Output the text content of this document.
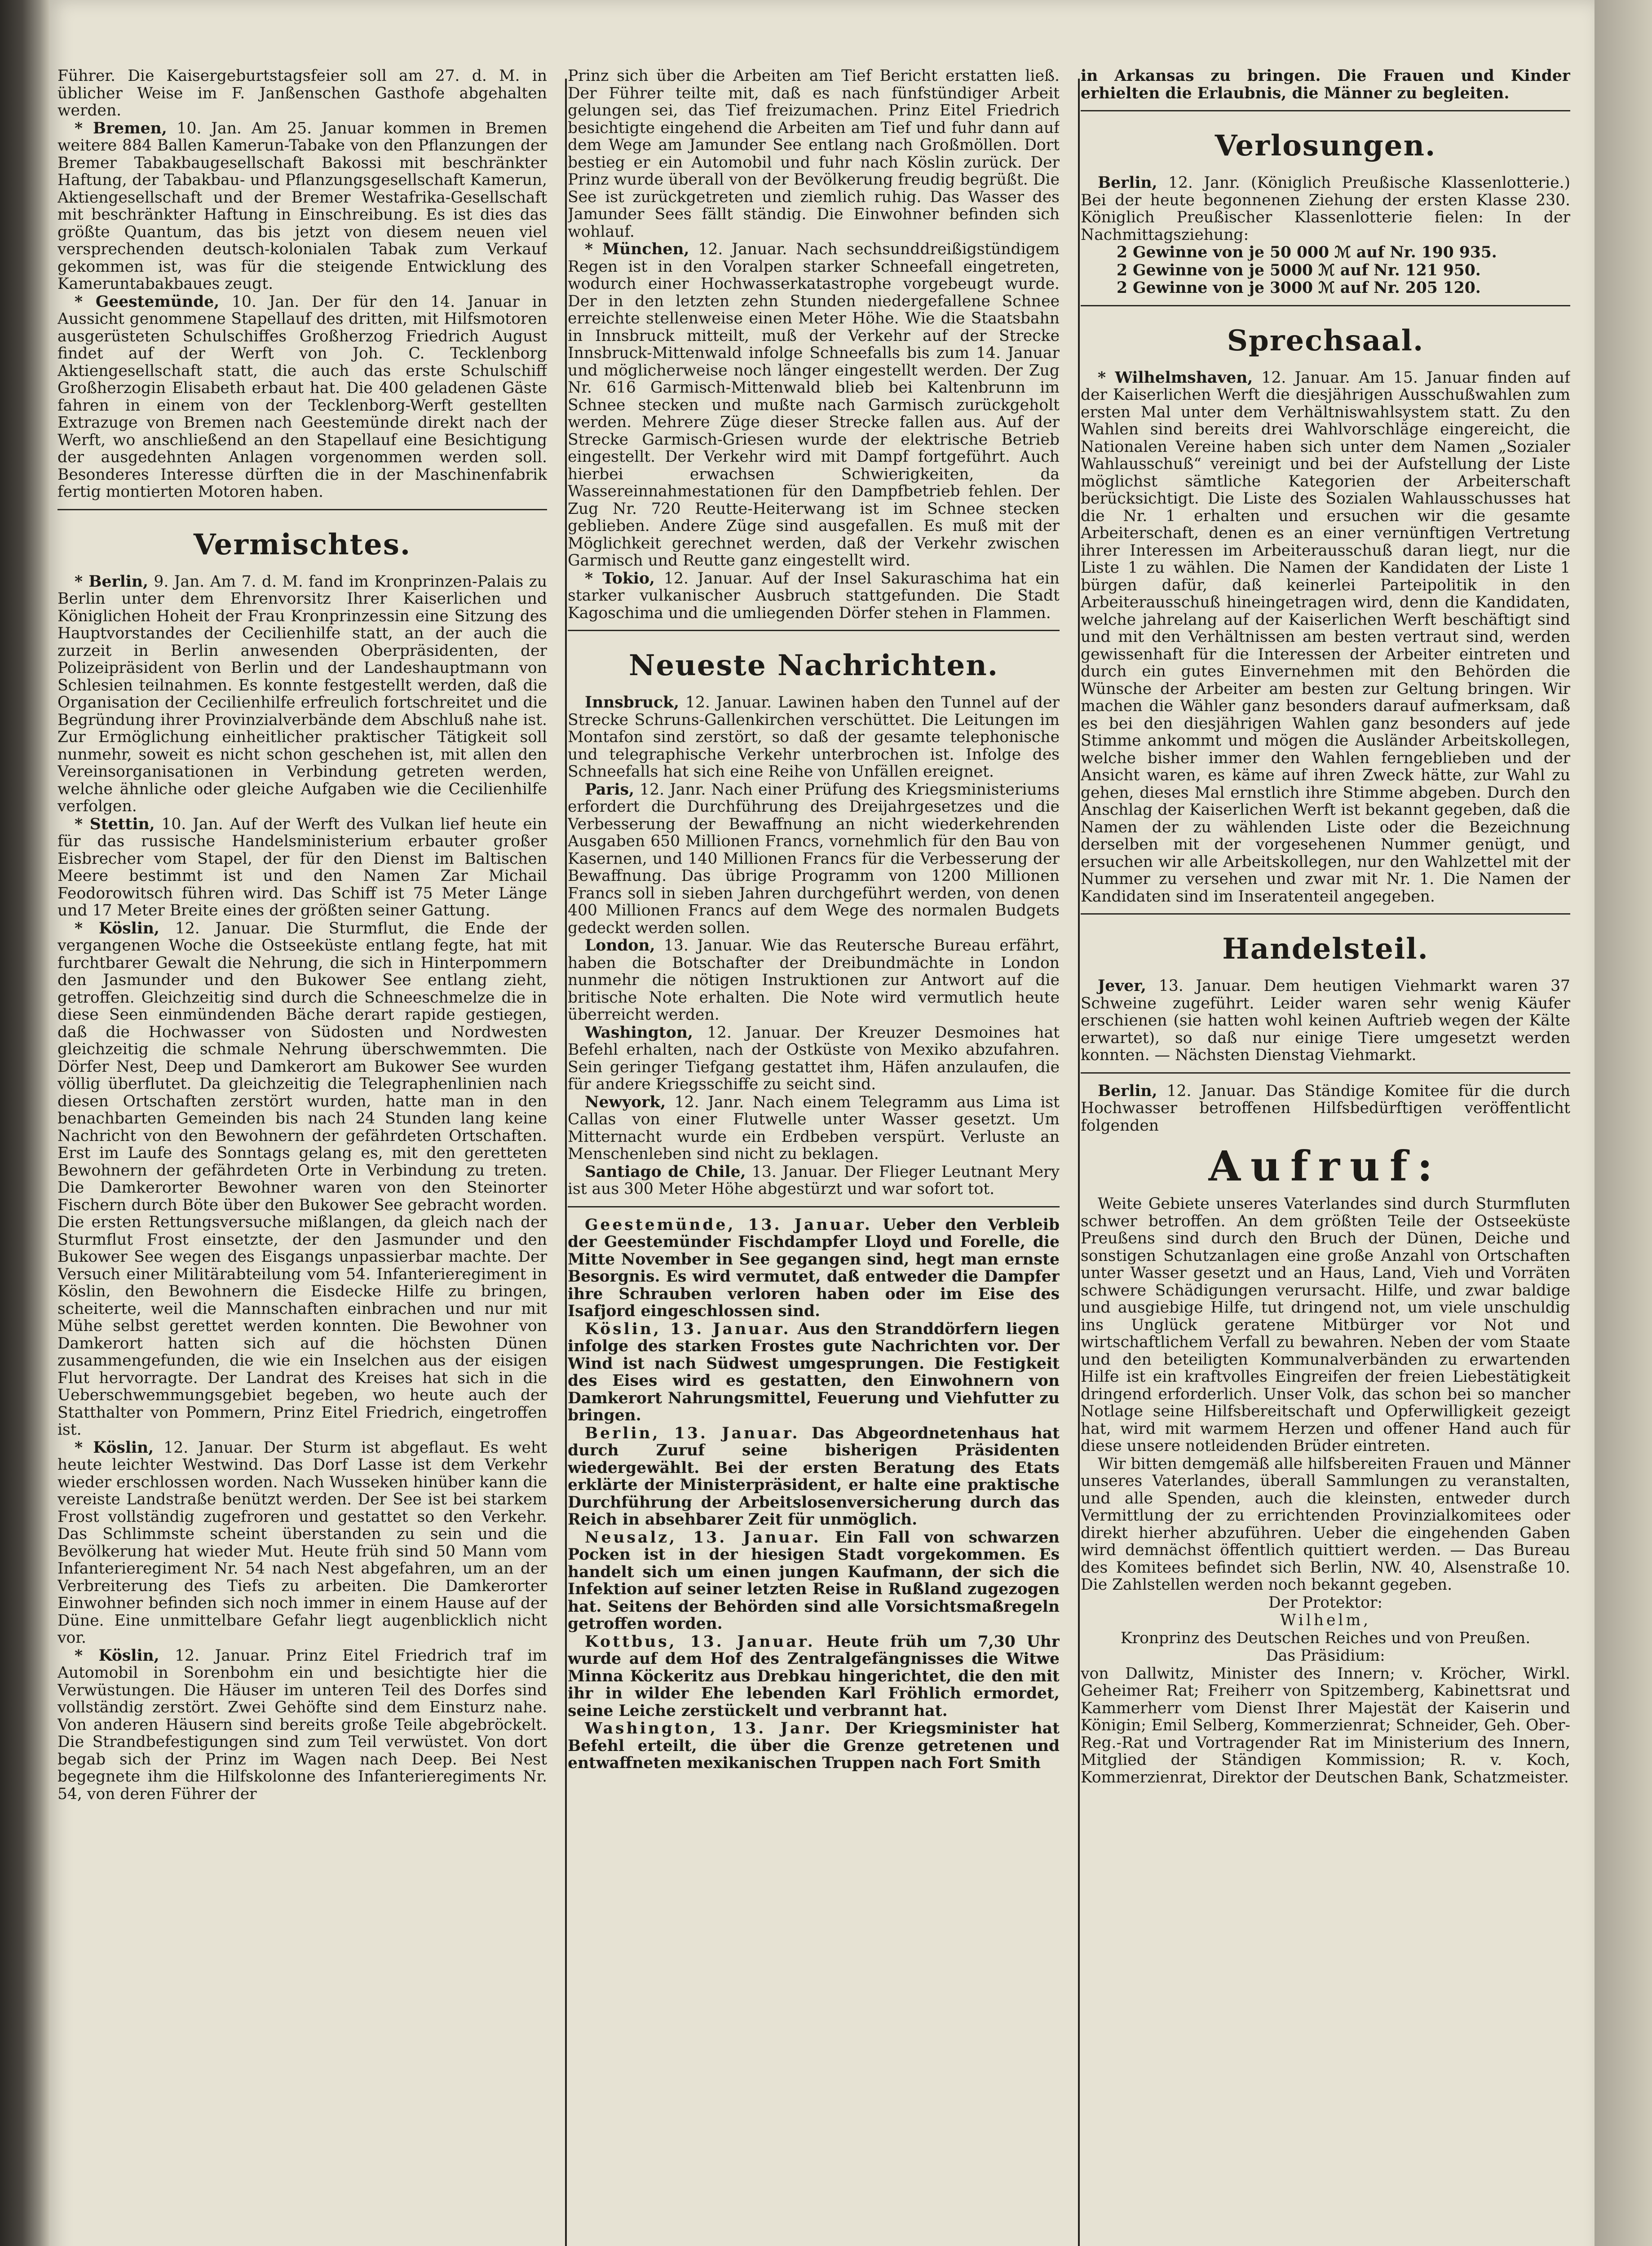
Führer. Die Kaisergeburtstagsfeier soll am 27. d. M. in üblicher Weise im F. Janßenschen Gasthofe abgehalten werden.

* Bremen, 10. Jan. Am 25. Januar kommen in Bremen weitere 884 Ballen Kamerun-Tabake von den Pflanzungen der Bremer Tabakbaugesellschaft Bakossi mit beschränkter Haftung, der Tabakbau- und Pflanzungsgesellschaft Kamerun, Aktiengesellschaft und der Bremer Westafrika-Gesellschaft mit beschränkter Haftung in Einschreibung. Es ist dies das größte Quantum, das bis jetzt von diesem neuen viel versprechenden deutsch-kolonialen Tabak zum Verkauf gekommen ist, was für die steigende Entwicklung des Kameruntabakbaues zeugt.

* Geestemünde, 10. Jan. Der für den 14. Januar in Aussicht genommene Stapellauf des dritten, mit Hilfsmotoren ausgerüsteten Schulschiffes Großherzog Friedrich August findet auf der Werft von Joh. C. Tecklenborg Aktiengesellschaft statt, die auch das erste Schulschiff Großherzogin Elisabeth erbaut hat. Die 400 geladenen Gäste fahren in einem von der Tecklenborg-Werft gestellten Extrazuge von Bremen nach Geestemünde direkt nach der Werft, wo anschließend an den Stapellauf eine Besichtigung der ausgedehnten Anlagen vorgenommen werden soll. Besonderes Interesse dürften die in der Maschinenfabrik fertig montierten Motoren haben.

Vermischtes.

* Berlin, 9. Jan. Am 7. d. M. fand im Kronprinzen-Palais zu Berlin unter dem Ehrenvorsitz Ihrer Kaiserlichen und Königlichen Hoheit der Frau Kronprinzessin eine Sitzung des Hauptvorstandes der Cecilienhilfe statt, an der auch die zurzeit in Berlin anwesenden Oberpräsidenten, der Polizeipräsident von Berlin und der Landeshauptmann von Schlesien teilnahmen. Es konnte festgestellt werden, daß die Organisation der Cecilienhilfe erfreulich fortschreitet und die Begründung ihrer Provinzialverbände dem Abschluß nahe ist. Zur Ermöglichung einheitlicher praktischer Tätigkeit soll nunmehr, soweit es nicht schon geschehen ist, mit allen den Vereinsorganisationen in Verbindung getreten werden, welche ähnliche oder gleiche Aufgaben wie die Cecilienhilfe verfolgen.

* Stettin, 10. Jan. Auf der Werft des Vulkan lief heute ein für das russische Handelsministerium erbauter großer Eisbrecher vom Stapel, der für den Dienst im Baltischen Meere bestimmt ist und den Namen Zar Michail Feodorowitsch führen wird. Das Schiff ist 75 Meter Länge und 17 Meter Breite eines der größten seiner Gattung.

* Köslin, 12. Januar. Die Sturmflut, die Ende der vergangenen Woche die Ostseeküste entlang fegte, hat mit furchtbarer Gewalt die Nehrung, die sich in Hinterpommern den Jasmunder und den Bukower See entlang zieht, getroffen. Gleichzeitig sind durch die Schneeschmelze die in diese Seen einmündenden Bäche derart rapide gestiegen, daß die Hochwasser von Südosten und Nordwesten gleichzeitig die schmale Nehrung überschwemmten. Die Dörfer Nest, Deep und Damkerort am Bukower See wurden völlig überflutet. Da gleichzeitig die Telegraphenlinien nach diesen Ortschaften zerstört wurden, hatte man in den benachbarten Gemeinden bis nach 24 Stunden lang keine Nachricht von den Bewohnern der gefährdeten Ortschaften. Erst im Laufe des Sonntags gelang es, mit den geretteten Bewohnern der gefährdeten Orte in Verbindung zu treten. Die Damkerorter Bewohner waren von den Steinorter Fischern durch Böte über den Bukower See gebracht worden. Die ersten Rettungsversuche mißlangen, da gleich nach der Sturmflut Frost einsetzte, der den Jasmunder und den Bukower See wegen des Eisgangs unpassierbar machte. Der Versuch einer Militärabteilung vom 54. Infanterieregiment in Köslin, den Bewohnern die Eisdecke Hilfe zu bringen, scheiterte, weil die Mannschaften einbrachen und nur mit Mühe selbst gerettet werden konnten. Die Bewohner von Damkerort hatten sich auf die höchsten Dünen zusammengefunden, die wie ein Inselchen aus der eisigen Flut hervorragte. Der Landrat des Kreises hat sich in die Ueberschwemmungsgebiet begeben, wo heute auch der Statthalter von Pommern, Prinz Eitel Friedrich, eingetroffen ist.

* Köslin, 12. Januar. Der Sturm ist abgeflaut. Es weht heute leichter Westwind. Das Dorf Lasse ist dem Verkehr wieder erschlossen worden. Nach Wusseken hinüber kann die vereiste Landstraße benützt werden. Der See ist bei starkem Frost vollständig zugefroren und gestattet so den Verkehr. Das Schlimmste scheint überstanden zu sein und die Bevölkerung hat wieder Mut. Heute früh sind 50 Mann vom Infanterieregiment Nr. 54 nach Nest abgefahren, um an der Verbreiterung des Tiefs zu arbeiten. Die Damkerorter Einwohner befinden sich noch immer in einem Hause auf der Düne. Eine unmittelbare Gefahr liegt augenblicklich nicht vor.

* Köslin, 12. Januar. Prinz Eitel Friedrich traf im Automobil in Sorenbohm ein und besichtigte hier die Verwüstungen. Die Häuser im unteren Teil des Dorfes sind vollständig zerstört. Zwei Gehöfte sind dem Einsturz nahe. Von anderen Häusern sind bereits große Teile abgebröckelt. Die Strandbefestigungen sind zum Teil verwüstet. Von dort begab sich der Prinz im Wagen nach Deep. Bei Nest begegnete ihm die Hilfskolonne des Infanterieregiments Nr. 54, von deren Führer der

Prinz sich über die Arbeiten am Tief Bericht erstatten ließ. Der Führer teilte mit, daß es nach fünfstündiger Arbeit gelungen sei, das Tief freizumachen. Prinz Eitel Friedrich besichtigte eingehend die Arbeiten am Tief und fuhr dann auf dem Wege am Jamunder See entlang nach Großmöllen. Dort bestieg er ein Automobil und fuhr nach Köslin zurück. Der Prinz wurde überall von der Bevölkerung freudig begrüßt. Die See ist zurückgetreten und ziemlich ruhig. Das Wasser des Jamunder Sees fällt ständig. Die Einwohner befinden sich wohlauf.

* München, 12. Januar. Nach sechsunddreißigstündigem Regen ist in den Voralpen starker Schneefall eingetreten, wodurch einer Hochwasserkatastrophe vorgebeugt wurde. Der in den letzten zehn Stunden niedergefallene Schnee erreichte stellenweise einen Meter Höhe. Wie die Staatsbahn in Innsbruck mitteilt, muß der Verkehr auf der Strecke Innsbruck-Mittenwald infolge Schneefalls bis zum 14. Januar und möglicherweise noch länger eingestellt werden. Der Zug Nr. 616 Garmisch-Mittenwald blieb bei Kaltenbrunn im Schnee stecken und mußte nach Garmisch zurückgeholt werden. Mehrere Züge dieser Strecke fallen aus. Auf der Strecke Garmisch-Griesen wurde der elektrische Betrieb eingestellt. Der Verkehr wird mit Dampf fortgeführt. Auch hierbei erwachsen Schwierigkeiten, da Wassereinnahmestationen für den Dampfbetrieb fehlen. Der Zug Nr. 720 Reutte-Heiterwang ist im Schnee stecken geblieben. Andere Züge sind ausgefallen. Es muß mit der Möglichkeit gerechnet werden, daß der Verkehr zwischen Garmisch und Reutte ganz eingestellt wird.

* Tokio, 12. Januar. Auf der Insel Sakuraschima hat ein starker vulkanischer Ausbruch stattgefunden. Die Stadt Kagoschima und die umliegenden Dörfer stehen in Flammen.

Neueste Nachrichten.

Innsbruck, 12. Januar. Lawinen haben den Tunnel auf der Strecke Schruns-Gallenkirchen verschüttet. Die Leitungen im Montafon sind zerstört, so daß der gesamte telephonische und telegraphische Verkehr unterbrochen ist. Infolge des Schneefalls hat sich eine Reihe von Unfällen ereignet.

Paris, 12. Janr. Nach einer Prüfung des Kriegsministeriums erfordert die Durchführung des Dreijahrgesetzes und die Verbesserung der Bewaffnung an nicht wiederkehrenden Ausgaben 650 Millionen Francs, vornehmlich für den Bau von Kasernen, und 140 Millionen Francs für die Verbesserung der Bewaffnung. Das übrige Programm von 1200 Millionen Francs soll in sieben Jahren durchgeführt werden, von denen 400 Millionen Francs auf dem Wege des normalen Budgets gedeckt werden sollen.

London, 13. Januar. Wie das Reutersche Bureau erfährt, haben die Botschafter der Dreibundmächte in London nunmehr die nötigen Instruktionen zur Antwort auf die britische Note erhalten. Die Note wird vermutlich heute überreicht werden.

Washington, 12. Januar. Der Kreuzer Desmoines hat Befehl erhalten, nach der Ostküste von Mexiko abzufahren. Sein geringer Tiefgang gestattet ihm, Häfen anzulaufen, die für andere Kriegsschiffe zu seicht sind.

Newyork, 12. Janr. Nach einem Telegramm aus Lima ist Callas von einer Flutwelle unter Wasser gesetzt. Um Mitternacht wurde ein Erdbeben verspürt. Verluste an Menschenleben sind nicht zu beklagen.

Santiago de Chile, 13. Januar. Der Flieger Leutnant Mery ist aus 300 Meter Höhe abgestürzt und war sofort tot.

Geestemünde, 13. Januar. Ueber den Verbleib der Geestemünder Fischdampfer Lloyd und Forelle, die Mitte November in See gegangen sind, hegt man ernste Besorgnis. Es wird vermutet, daß entweder die Dampfer ihre Schrauben verloren haben oder im Eise des Isafjord eingeschlossen sind.

Köslin, 13. Januar. Aus den Stranddörfern liegen infolge des starken Frostes gute Nachrichten vor. Der Wind ist nach Südwest umgesprungen. Die Festigkeit des Eises wird es gestatten, den Einwohnern von Damkerort Nahrungsmittel, Feuerung und Viehfutter zu bringen.

Berlin, 13. Januar. Das Abgeordnetenhaus hat durch Zuruf seine bisherigen Präsidenten wiedergewählt. Bei der ersten Beratung des Etats erklärte der Ministerpräsident, er halte eine praktische Durchführung der Arbeitslosenversicherung durch das Reich in absehbarer Zeit für unmöglich.

Neusalz, 13. Januar. Ein Fall von schwarzen Pocken ist in der hiesigen Stadt vorgekommen. Es handelt sich um einen jungen Kaufmann, der sich die Infektion auf seiner letzten Reise in Rußland zugezogen hat. Seitens der Behörden sind alle Vorsichtsmaßregeln getroffen worden.

Kottbus, 13. Januar. Heute früh um 7,30 Uhr wurde auf dem Hof des Zentralgefängnisses die Witwe Minna Köckeritz aus Drebkau hingerichtet, die den mit ihr in wilder Ehe lebenden Karl Fröhlich ermordet, seine Leiche zerstückelt und verbrannt hat.

Washington, 13. Janr. Der Kriegsminister hat Befehl erteilt, die über die Grenze getretenen und entwaffneten mexikanischen Truppen nach Fort Smith

in Arkansas zu bringen. Die Frauen und Kinder erhielten die Erlaubnis, die Männer zu begleiten.

Verlosungen.

Berlin, 12. Janr. (Königlich Preußische Klassenlotterie.) Bei der heute begonnenen Ziehung der ersten Klasse 230. Königlich Preußischer Klassenlotterie fielen: In der Nachmittagsziehung:

2 Gewinne von je 50 000 ℳ auf Nr. 190 935.

2 Gewinne von je 5000 ℳ auf Nr. 121 950.

2 Gewinne von je 3000 ℳ auf Nr. 205 120.

Sprechsaal.

* Wilhelmshaven, 12. Januar. Am 15. Januar finden auf der Kaiserlichen Werft die diesjährigen Ausschußwahlen zum ersten Mal unter dem Verhältniswahlsystem statt. Zu den Wahlen sind bereits drei Wahlvorschläge eingereicht, die Nationalen Vereine haben sich unter dem Namen „Sozialer Wahlausschuß“ vereinigt und bei der Aufstellung der Liste möglichst sämtliche Kategorien der Arbeiterschaft berücksichtigt. Die Liste des Sozialen Wahlausschusses hat die Nr. 1 erhalten und ersuchen wir die gesamte Arbeiterschaft, denen es an einer vernünftigen Vertretung ihrer Interessen im Arbeiterausschuß daran liegt, nur die Liste 1 zu wählen. Die Namen der Kandidaten der Liste 1 bürgen dafür, daß keinerlei Parteipolitik in den Arbeiterausschuß hineingetragen wird, denn die Kandidaten, welche jahrelang auf der Kaiserlichen Werft beschäftigt sind und mit den Verhältnissen am besten vertraut sind, werden gewissenhaft für die Interessen der Arbeiter eintreten und durch ein gutes Einvernehmen mit den Behörden die Wünsche der Arbeiter am besten zur Geltung bringen. Wir machen die Wähler ganz besonders darauf aufmerksam, daß es bei den diesjährigen Wahlen ganz besonders auf jede Stimme ankommt und mögen die Ausländer Arbeitskollegen, welche bisher immer den Wahlen ferngeblieben und der Ansicht waren, es käme auf ihren Zweck hätte, zur Wahl zu gehen, dieses Mal ernstlich ihre Stimme abgeben. Durch den Anschlag der Kaiserlichen Werft ist bekannt gegeben, daß die Namen der zu wählenden Liste oder die Bezeichnung derselben mit der vorgesehenen Nummer genügt, und ersuchen wir alle Arbeitskollegen, nur den Wahlzettel mit der Nummer zu versehen und zwar mit Nr. 1. Die Namen der Kandidaten sind im Inseratenteil angegeben.

Handelsteil.

Jever, 13. Januar. Dem heutigen Viehmarkt waren 37 Schweine zugeführt. Leider waren sehr wenig Käufer erschienen (sie hatten wohl keinen Auftrieb wegen der Kälte erwartet), so daß nur einige Tiere umgesetzt werden konnten. — Nächsten Dienstag Viehmarkt.

Berlin, 12. Januar. Das Ständige Komitee für die durch Hochwasser betroffenen Hilfsbedürftigen veröffentlicht folgenden

Aufruf:

Weite Gebiete unseres Vaterlandes sind durch Sturmfluten schwer betroffen. An dem größten Teile der Ostseeküste Preußens sind durch den Bruch der Dünen, Deiche und sonstigen Schutzanlagen eine große Anzahl von Ortschaften unter Wasser gesetzt und an Haus, Land, Vieh und Vorräten schwere Schädigungen verursacht. Hilfe, und zwar baldige und ausgiebige Hilfe, tut dringend not, um viele unschuldig ins Unglück geratene Mitbürger vor Not und wirtschaftlichem Verfall zu bewahren. Neben der vom Staate und den beteiligten Kommunalverbänden zu erwartenden Hilfe ist ein kraftvolles Eingreifen der freien Liebestätigkeit dringend erforderlich. Unser Volk, das schon bei so mancher Notlage seine Hilfsbereitschaft und Opferwilligkeit gezeigt hat, wird mit warmem Herzen und offener Hand auch für diese unsere notleidenden Brüder eintreten.

Wir bitten demgemäß alle hilfsbereiten Frauen und Männer unseres Vaterlandes, überall Sammlungen zu veranstalten, und alle Spenden, auch die kleinsten, entweder durch Vermittlung der zu errichtenden Provinzialkomitees oder direkt hierher abzuführen. Ueber die eingehenden Gaben wird demnächst öffentlich quittiert werden. — Das Bureau des Komitees befindet sich Berlin, NW. 40, Alsenstraße 10. Die Zahlstellen werden noch bekannt gegeben.

Der Protektor:

Wilhelm,

Kronprinz des Deutschen Reiches und von Preußen.

Das Präsidium:

von Dallwitz, Minister des Innern; v. Kröcher, Wirkl. Geheimer Rat; Freiherr von Spitzemberg, Kabinettsrat und Kammerherr vom Dienst Ihrer Majestät der Kaiserin und Königin; Emil Selberg, Kommerzienrat; Schneider, Geh. Ober-Reg.-Rat und Vortragender Rat im Ministerium des Innern, Mitglied der Ständigen Kommission; R. v. Koch, Kommerzienrat, Direktor der Deutschen Bank, Schatzmeister.
